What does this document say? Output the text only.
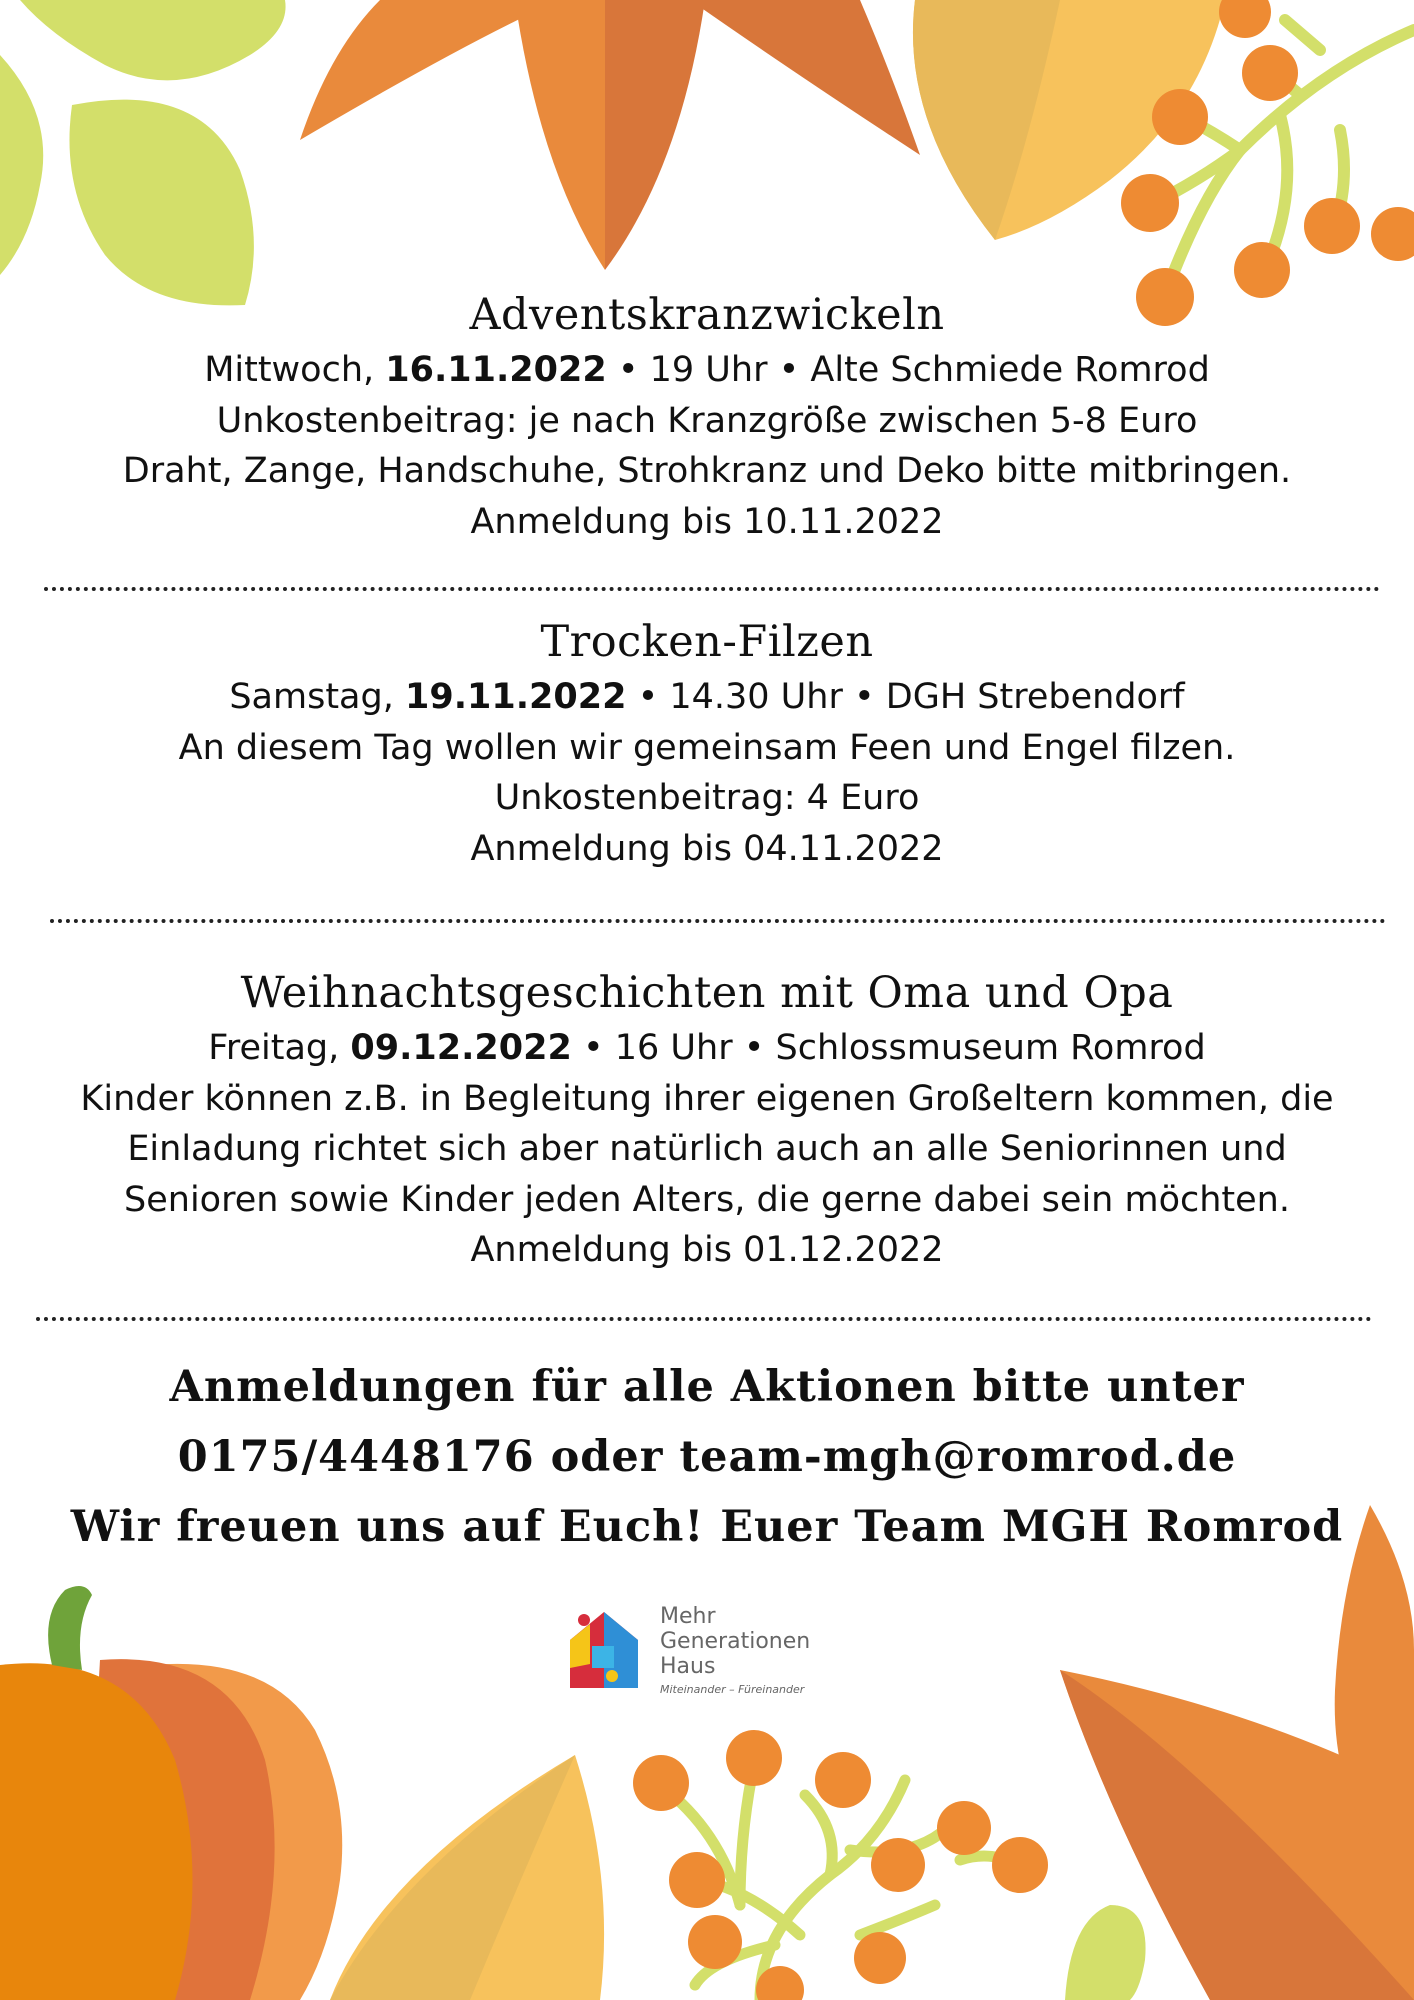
Adventskranzwickeln

Mittwoch, 16.11.2022 • 19 Uhr • Alte Schmiede Romrod

Unkostenbeitrag: je nach Kranzgröße zwischen 5-8 Euro

Draht, Zange, Handschuhe, Strohkranz und Deko bitte mitbringen.

Anmeldung bis 10.11.2022

Trocken-Filzen

Samstag, 19.11.2022 • 14.30 Uhr • DGH Strebendorf

An diesem Tag wollen wir gemeinsam Feen und Engel filzen.

Unkostenbeitrag: 4 Euro

Anmeldung bis 04.11.2022

Weihnachtsgeschichten mit Oma und Opa

Freitag, 09.12.2022 • 16 Uhr • Schlossmuseum Romrod

Kinder können z.B. in Begleitung ihrer eigenen Großeltern kommen, die

Einladung richtet sich aber natürlich auch an alle Seniorinnen und

Senioren sowie Kinder jeden Alters, die gerne dabei sein möchten.

Anmeldung bis 01.12.2022

Anmeldungen für alle Aktionen bitte unter
0175/4448176 oder team-mgh@romrod.de
Wir freuen uns auf Euch! Euer Team MGH Romrod
Mehr
Generationen
Haus
Miteinander – Füreinander
